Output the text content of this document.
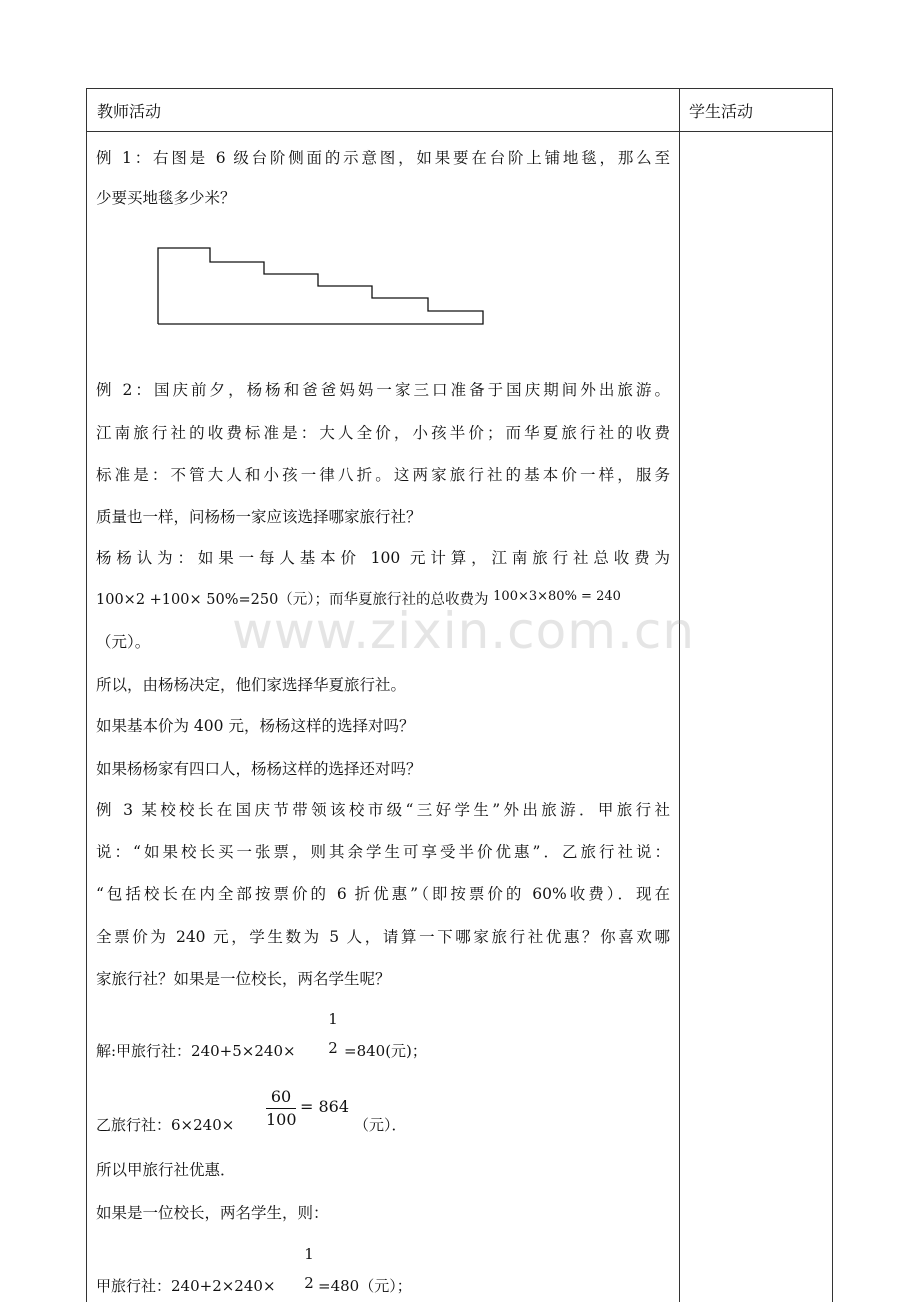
教师活动	学生活动
例 1：右图是 6 级台阶侧面的示意图，如果要在台阶上铺地毯，那么至
少要买地毯多少米？
例 2：国庆前夕，杨杨和爸爸妈妈一家三口准备于国庆期间外出旅游。
江南旅行社的收费标准是：大人全价，小孩半价；而华夏旅行社的收费
标准是：不管大人和小孩一律八折。这两家旅行社的基本价一样，服务
质量也一样，问杨杨一家应该选择哪家旅行社？
杨杨认为：如果一每人基本价 100 元计算，江南旅行社总收费为
100×2 +100× 50%=250（元）；而华夏旅行社的总收费为 100×3×80% = 240
（元）。
所以，由杨杨决定，他们家选择华夏旅行社。
如果基本价为 400 元，杨杨这样的选择对吗？
如果杨杨家有四口人，杨杨这样的选择还对吗？
例 3 某校校长在国庆节带领该校市级“三好学生”外出旅游．甲旅行社
说：“如果校长买一张票，则其余学生可享受半价优惠”．乙旅行社说：
“包括校长在内全部按票价的 6 折优惠”（即按票价的 60%收费）．现在
全票价为 240 元，学生数为 5 人，请算一下哪家旅行社优惠？你喜欢哪
家旅行社？如果是一位校长，两名学生呢？
解:甲旅行社：240+5×240×
1
2 =840(元)；
乙旅行社：$6\times 240\times \frac{60}{100} = 864$
（元）．
所以甲旅行社优惠．
如果是一位校长，两名学生，则：
甲旅行社：240+2×240×
1
2 =480（元）；
www.zixin.com.cn
